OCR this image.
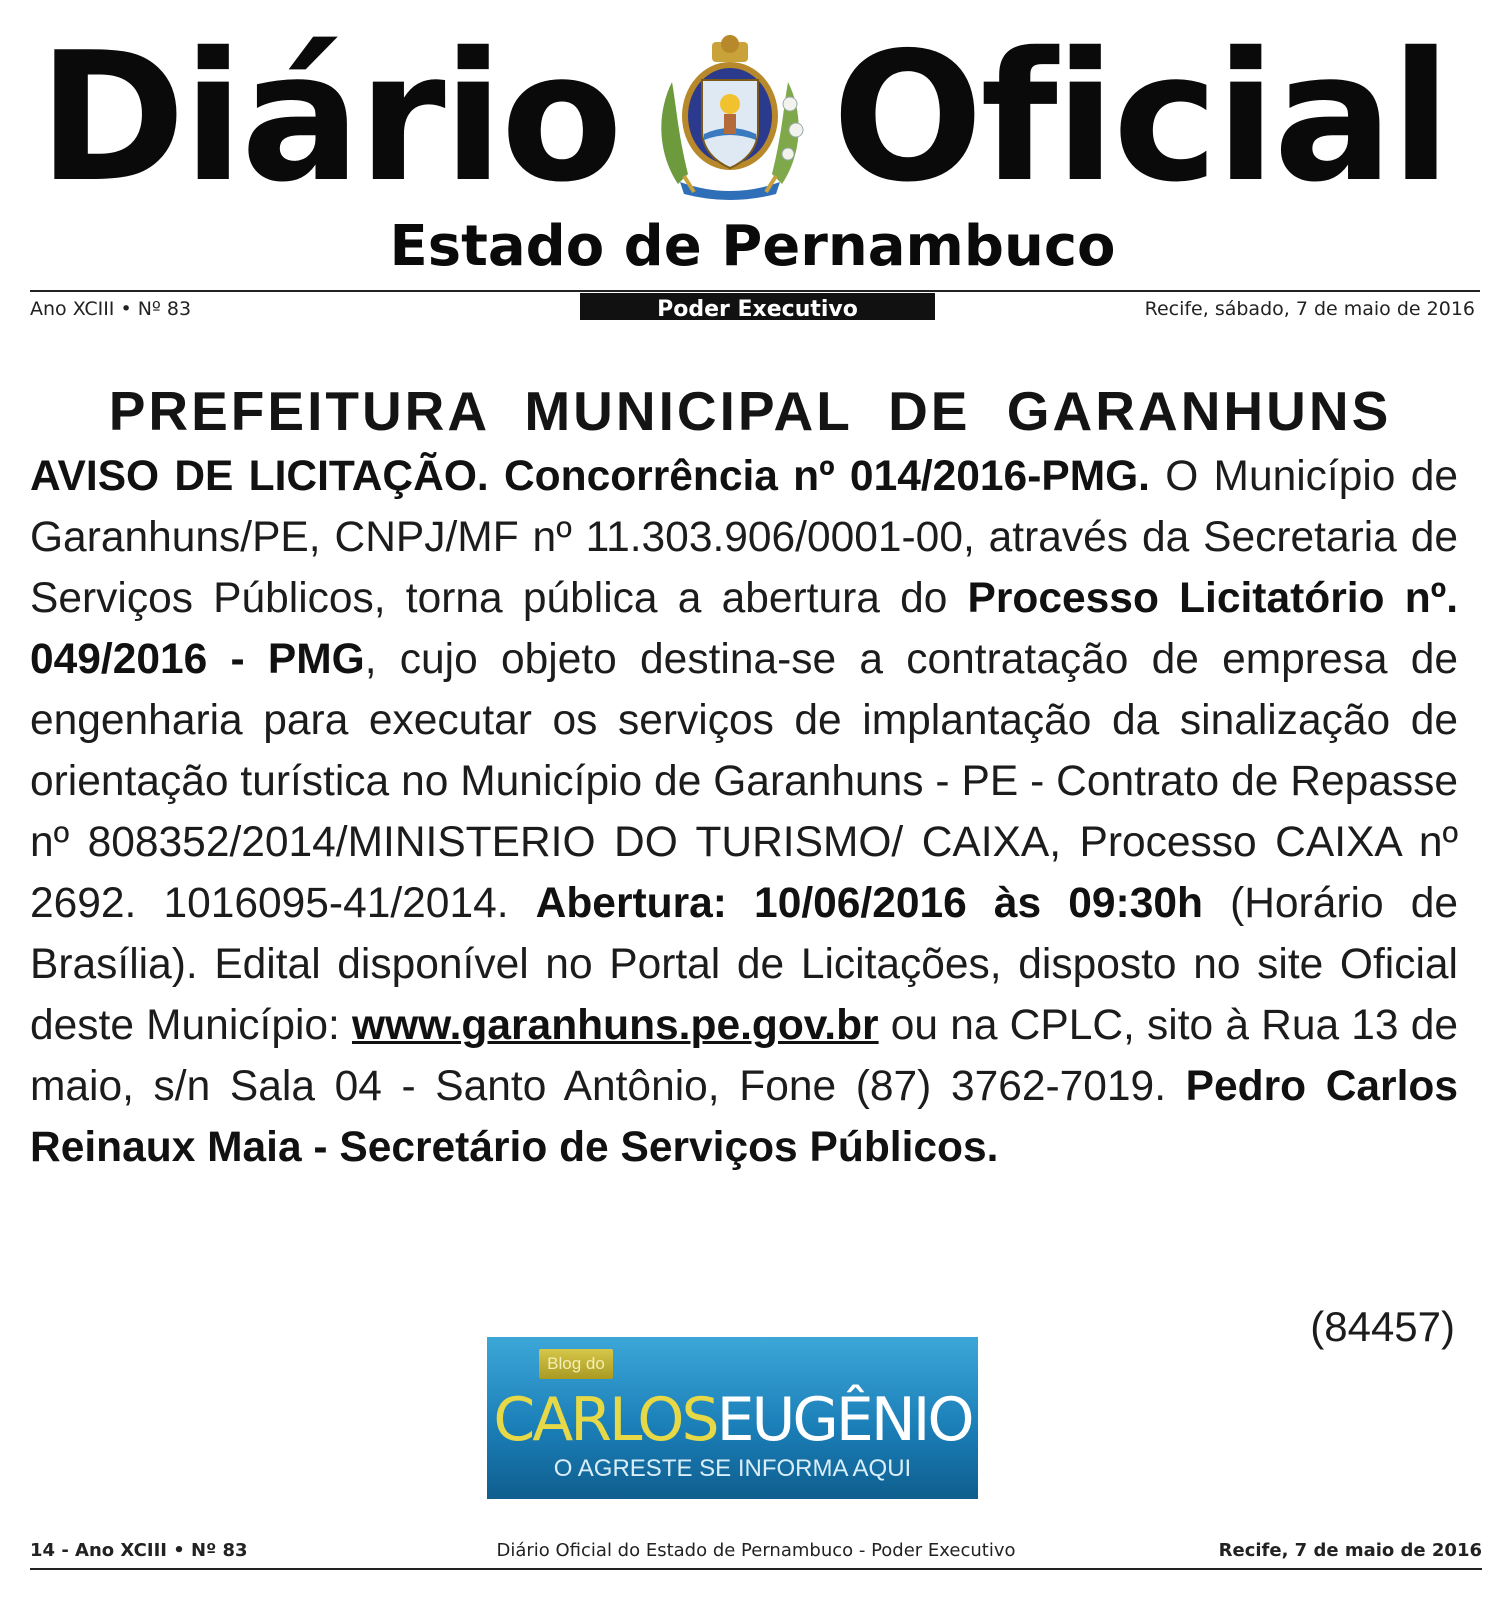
Diário Oficial
Estado de Pernambuco
Ano XCIII • Nº 83	Poder Executivo	Recife, sábado, 7 de maio de 2016
PREFEITURA MUNICIPAL DE GARANHUNS
AVISO DE LICITAÇÃO. Concorrência nº 014/2016-PMG. O Município de Garanhuns/PE, CNPJ/MF nº 11.303.906/0001-00, através da Secretaria de Serviços Públicos, torna pública a abertura do Processo Licitatório nº. 049/2016 - PMG, cujo objeto destina-se a contratação de empresa de engenharia para executar os serviços de implantação da sinalização de orientação turística no Município de Garanhuns - PE - Contrato de Repasse nº 808352/2014/MINISTERIO DO TURISMO/ CAIXA, Processo CAIXA nº 2692. 1016095-41/2014. Abertura: 10/06/2016 às 09:30h (Horário de Brasília). Edital disponível no Portal de Licitações, disposto no site Oficial deste Município: www.garanhuns.pe.gov.br ou na CPLC, sito à Rua 13 de maio, s/n Sala 04 - Santo Antônio, Fone (87) 3762-7019. Pedro Carlos Reinaux Maia - Secretário de Serviços Públicos.
(84457)
Blog do
CARLOSEUGÊNIO
O AGRESTE SE INFORMA AQUI
14 - Ano XCIII • Nº 83	Diário Oficial do Estado de Pernambuco - Poder Executivo	Recife, 7 de maio de 2016
